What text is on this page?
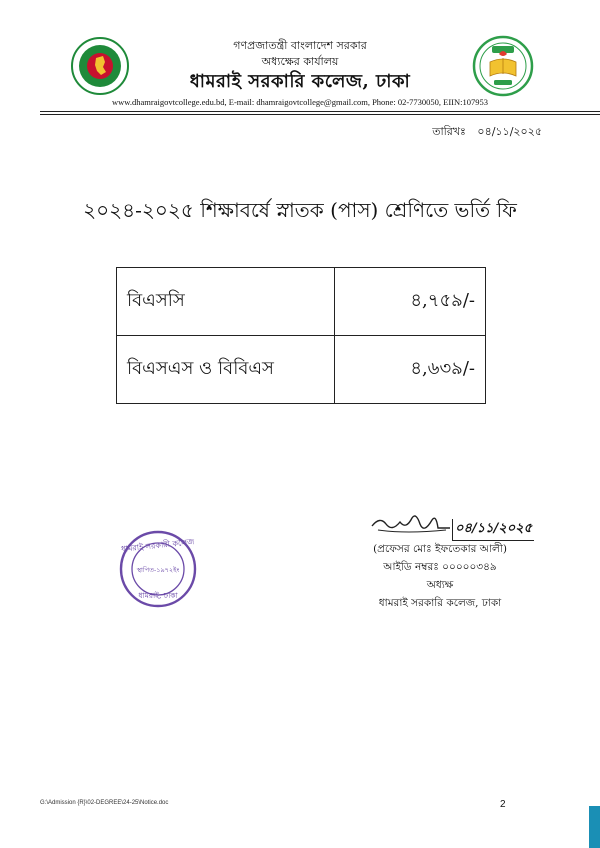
গণপ্রজাতন্ত্রী বাংলাদেশ সরকার
অধ্যক্ষের কার্যালয়
ধামরাই সরকারি কলেজ, ঢাকা
www.dhamraigovtcollege.edu.bd, E-mail: dhamraigovtcollege@gmail.com, Phone: 02-7730050, EIIN:107953
তারিখঃ ০৪/১১/২০২৫
২০২৪-২০২৫ শিক্ষাবর্ষে স্নাতক (পাস) শ্রেণিতে ভর্তি ফি
বিএসসি	৪,৭৫৯/-
বিএসএস ও বিবিএস	৪,৬৩৯/-
ধামরাই সরকারী কলেজ
স্থাপিত-১৯৭২ইং
ধামরাই, ঢাকা
০৪/১১/২০২৫
(প্রফেসর মোঃ ইফতেকার আলী)
আইডি নম্বরঃ ০০০০০৩৪৯
অধ্যক্ষ
ধামরাই সরকারি কলেজ, ঢাকা
G:\Admission {R}\02-DEGREE\24-25\Notice.doc	2
